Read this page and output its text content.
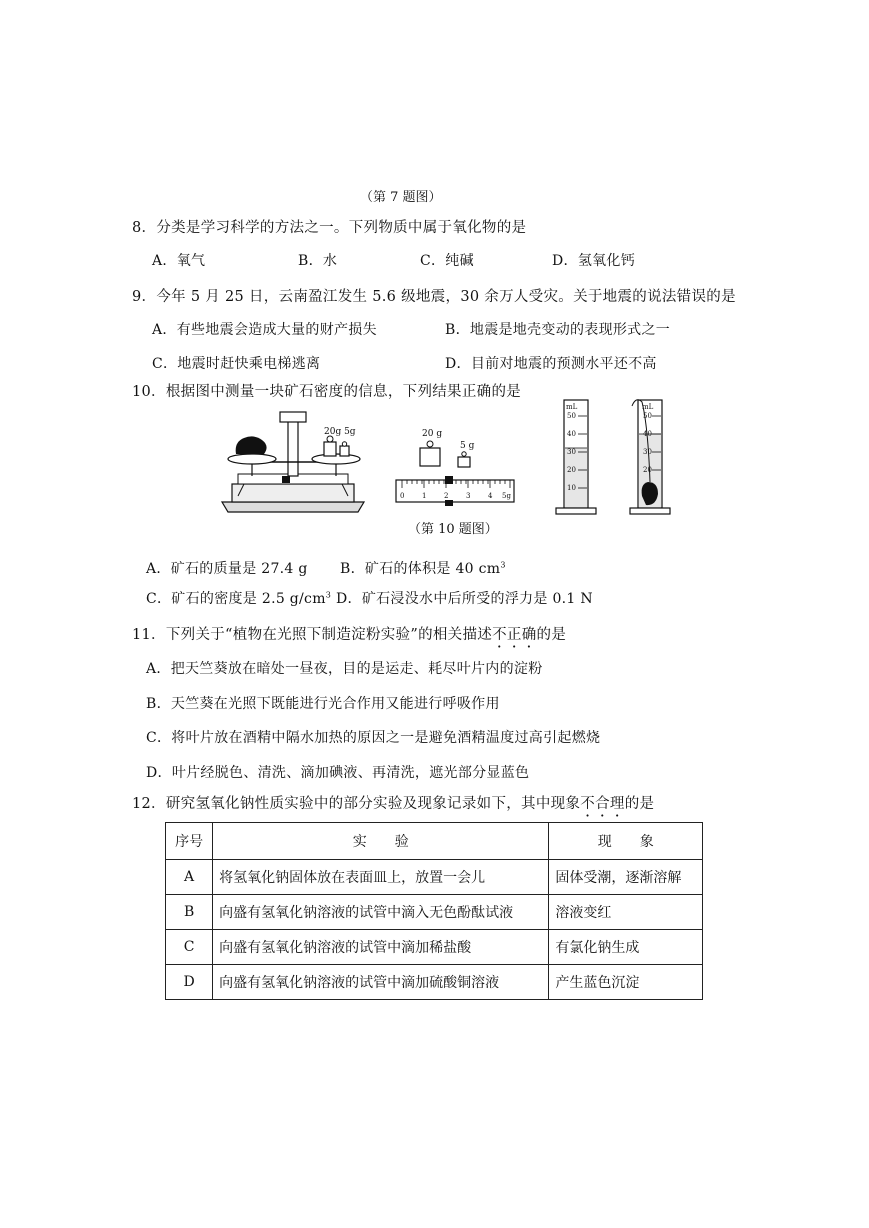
（第 7 题图）
8．分类是学习科学的方法之一。下列物质中属于氧化物的是
A．氧气	B．水	C．纯碱	D．氢氧化钙
9．今年 5 月 25 日，云南盈江发生 5.6 级地震，30 余万人受灾。关于地震的说法错误的是
A．有些地震会造成大量的财产损失	B．地震是地壳变动的表现形式之一
C．地震时赶快乘电梯逃离	D．目前对地震的预测水平还不高
10．根据图中测量一块矿石密度的信息，下列结果正确的是
20g 5g	20 g
5 g
0	1	2	3	4 5g
mL
50
40
30
20
10
mL
50
40
30
20
（第 10 题图）
A．矿石的质量是 27.4 g B．矿石的体积是 40 $cm^3$
C．矿石的密度是 2.5 $g/cm^3$ D．矿石浸没水中后所受的浮力是 0.1 N
11．下列关于“植物在光照下制造淀粉实验”的相关描述不正确的是
A．把天竺葵放在暗处一昼夜，目的是运走、耗尽叶片内的淀粉
B．天竺葵在光照下既能进行光合作用又能进行呼吸作用
C．将叶片放在酒精中隔水加热的原因之一是避免酒精温度过高引起燃烧
D．叶片经脱色、清洗、滴加碘液、再清洗，遮光部分显蓝色
12．研究氢氧化钠性质实验中的部分实验及现象记录如下，其中现象不合理的是
序号	实　　验	现　　象
A	将氢氧化钠固体放在表面皿上，放置一会儿	固体受潮，逐渐溶解
B	向盛有氢氧化钠溶液的试管中滴入无色酚酞试液	溶液变红
C	向盛有氢氧化钠溶液的试管中滴加稀盐酸	有氯化钠生成
D	向盛有氢氧化钠溶液的试管中滴加硫酸铜溶液	产生蓝色沉淀
